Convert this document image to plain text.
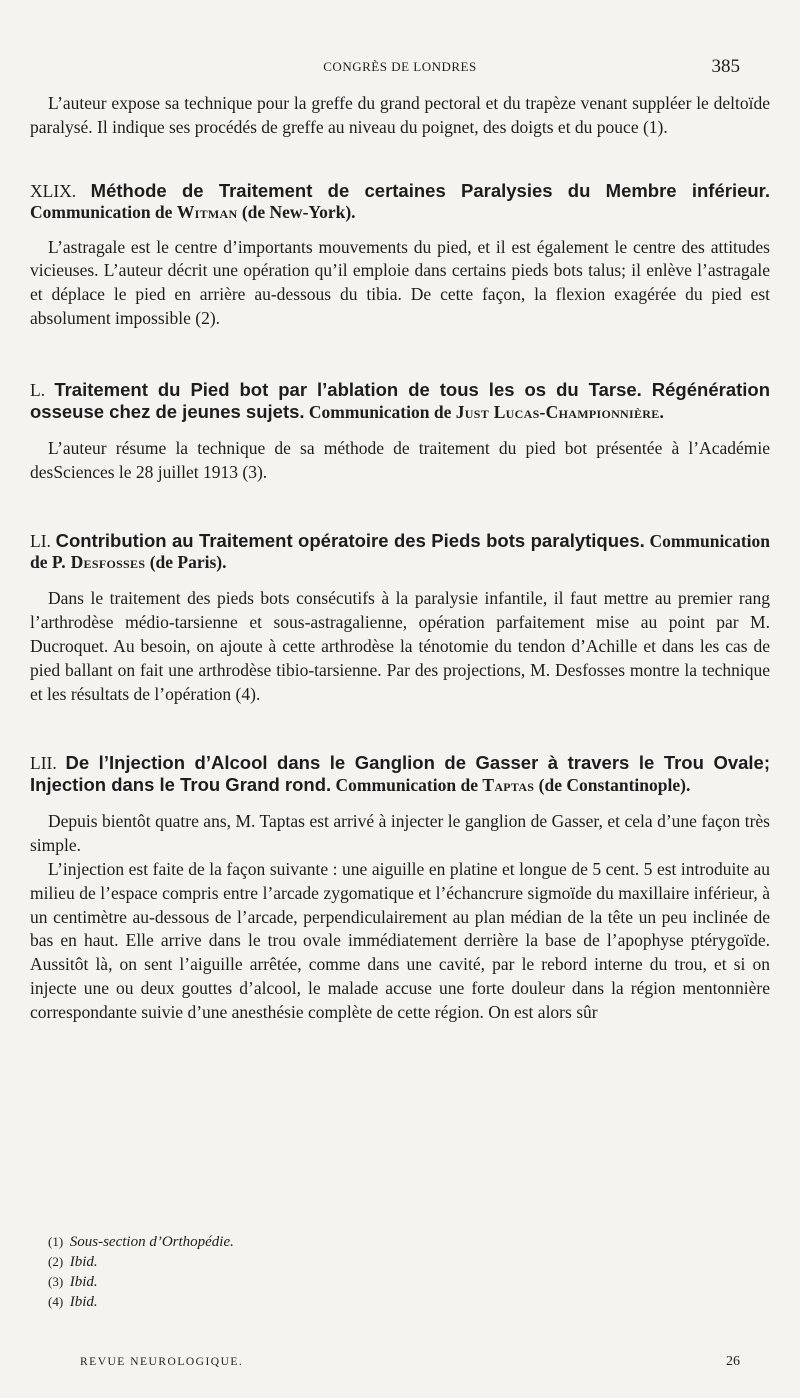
CONGRÈS DE LONDRES	385

L’auteur expose sa technique pour la greffe du grand pectoral et du trapèze venant suppléer le deltoïde paralysé. Il indique ses procédés de greffe au niveau du poignet, des doigts et du pouce (1).

XLIX. Méthode de Traitement de certaines Paralysies du Membre inférieur. Communication de Witman (de New-York).

L’astragale est le centre d’importants mouvements du pied, et il est également le centre des attitudes vicieuses. L’auteur décrit une opération qu’il emploie dans certains pieds bots talus; il enlève l’astragale et déplace le pied en arrière au-dessous du tibia. De cette façon, la flexion exagérée du pied est absolument impossible (2).

L. Traitement du Pied bot par l’ablation de tous les os du Tarse. Régénération osseuse chez de jeunes sujets. Communication de Just Lucas-Championnière.

L’auteur résume la technique de sa méthode de traitement du pied bot présentée à l’Académie desSciences le 28 juillet 1913 (3).

LI. Contribution au Traitement opératoire des Pieds bots paralytiques. Communication de P. Desfosses (de Paris).

Dans le traitement des pieds bots consécutifs à la paralysie infantile, il faut mettre au premier rang l’arthrodèse médio-tarsienne et sous-astragalienne, opération parfaitement mise au point par M. Ducroquet. Au besoin, on ajoute à cette arthrodèse la ténotomie du tendon d’Achille et dans les cas de pied ballant on fait une arthrodèse tibio-tarsienne. Par des projections, M. Desfosses montre la technique et les résultats de l’opération (4).

LII. De l’Injection d’Alcool dans le Ganglion de Gasser à travers le Trou Ovale; Injection dans le Trou Grand rond. Communication de Taptas (de Constantinople).

Depuis bientôt quatre ans, M. Taptas est arrivé à injecter le ganglion de Gasser, et cela d’une façon très simple.

L’injection est faite de la façon suivante : une aiguille en platine et longue de 5 cent. 5 est introduite au milieu de l’espace compris entre l’arcade zygomatique et l’échancrure sigmoïde du maxillaire inférieur, à un centimètre au-dessous de l’arcade, perpendiculairement au plan médian de la tête un peu inclinée de bas en haut. Elle arrive dans le trou ovale immédiatement derrière la base de l’apophyse ptérygoïde. Aussitôt là, on sent l’aiguille arrêtée, comme dans une cavité, par le rebord interne du trou, et si on injecte une ou deux gouttes d’alcool, le malade accuse une forte douleur dans la région mentonnière correspondante suivie d’une anesthésie complète de cette région. On est alors sûr

(1) Sous-section d’Orthopédie.
(2) Ibid.
(3) Ibid.
(4) Ibid.
REVUE NEUROLOGIQUE.	26
